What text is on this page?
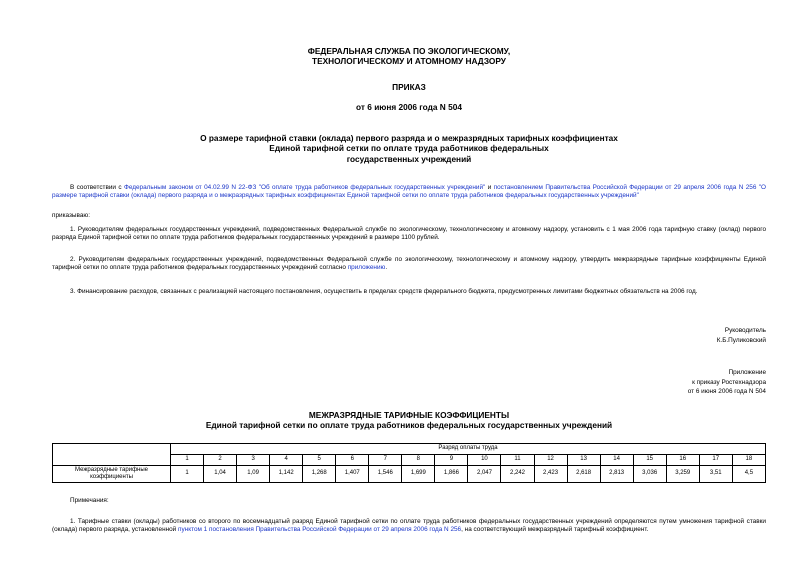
ФЕДЕРАЛЬНАЯ СЛУЖБА ПО ЭКОЛОГИЧЕСКОМУ,
ТЕХНОЛОГИЧЕСКОМУ И АТОМНОМУ НАДЗОРУ
ПРИКАЗ
от 6 июня 2006 года N 504
О размере тарифной ставки (оклада) первого разряда и о межразрядных тарифных коэффициентах
Единой тарифной сетки по оплате труда работников федеральных
государственных учреждений
В соответствии с Федеральным законом от 04.02.99 N 22-ФЗ "Об оплате труда работников федеральных государственных учреждений" и постановлением Правительства Российской Федерации от 29 апреля 2006 года N 256 "О размере тарифной ставки (оклада) первого разряда и о межразрядных тарифных коэффициентах Единой тарифной сетки по оплате труда работников федеральных государственных учреждений"
приказываю:
1. Руководителям федеральных государственных учреждений, подведомственных Федеральной службе по экологическому, технологическому и атомному надзору, установить с 1 мая 2006 года тарифную ставку (оклад) первого разряда Единой тарифной сетки по оплате труда работников федеральных государственных учреждений в размере 1100 рублей.
2. Руководителям федеральных государственных учреждений, подведомственных Федеральной службе по экологическому, технологическому и атомному надзору, утвердить межразрядные тарифные коэффициенты Единой тарифной сетки по оплате труда работников федеральных государственных учреждений согласно приложению.
3. Финансирование расходов, связанных с реализацией настоящего постановления, осуществить в пределах средств федерального бюджета, предусмотренных лимитами бюджетных обязательств на 2006 год.
Руководитель
К.Б.Пуликовский
Приложение
к приказу Ростехнадзора
от 6 июня 2006 года N 504
МЕЖРАЗРЯДНЫЕ ТАРИФНЫЕ КОЭФФИЦИЕНТЫ
Единой тарифной сетки по оплате труда работников федеральных государственных учреждений
	Разряд оплаты труда																	
	1	2	3	4	5	6	7	8	9	10	11	12	13	14	15	16	17	18
Межразрядные тарифные коэффициенты	1	1,04	1,09	1,142	1,268	1,407	1,546	1,699	1,866	2,047	2,242	2,423	2,618	2,813	3,036	3,259	3,51	4,5
Примечания:
1. Тарифные ставки (оклады) работников со второго по восемнадцатый разряд Единой тарифной сетки по оплате труда работников федеральных государственных учреждений определяются путем умножения тарифной ставки (оклада) первого разряда, установленной пунктом 1 постановления Правительства Российской Федерации от 29 апреля 2006 года N 256, на соответствующий межразрядный тарифный коэффициент.
